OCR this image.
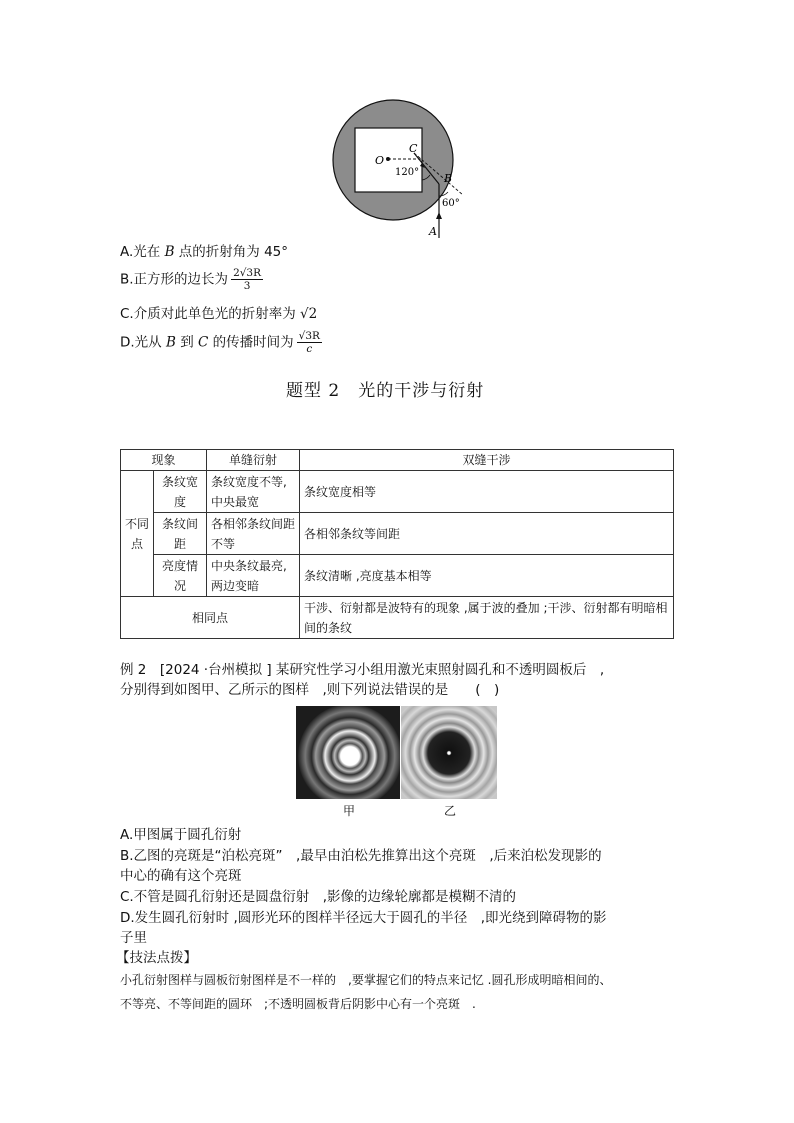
O
C
B
A
120°
60°
A.光在 B 点的折射角为 45°
B.正方形的边长为 $\frac{2√3R}{3}$
C.介质对此单色光的折射率为 √2
D.光从 B 到 C 的传播时间为 $\frac{√3R}{c}$
题型 2　光的干涉与衍射
现象		单缝衍射	双缝干涉
不同点	条纹宽度	条纹宽度不等,中央最宽	条纹宽度相等
	条纹间距	各相邻条纹间距不等	各相邻条纹等间距
	亮度情况	中央条纹最亮,两边变暗	条纹清晰 ,亮度基本相等
相同点			干涉、衍射都是波特有的现象 ,属于波的叠加 ;干涉、衍射都有明暗相间的条纹
例 2　[2024 ·台州模拟 ] 某研究性学习小组用激光束照射圆孔和不透明圆板后　,
分别得到如图甲、乙所示的图样　,则下列说法错误的是　　(　)
甲	乙
A.甲图属于圆孔衍射
B.乙图的亮斑是“泊松亮斑”　,最早由泊松先推算出这个亮斑　,后来泊松发现影的
中心的确有这个亮斑
C.不管是圆孔衍射还是圆盘衍射　,影像的边缘轮廓都是模糊不清的
D.发生圆孔衍射时 ,圆形光环的图样半径远大于圆孔的半径　,即光绕到障碍物的影
子里
【技法点拨】
小孔衍射图样与圆板衍射图样是不一样的　,要掌握它们的特点来记忆 .圆孔形成明暗相间的、
不等亮、不等间距的圆环　;不透明圆板背后阴影中心有一个亮斑　.
